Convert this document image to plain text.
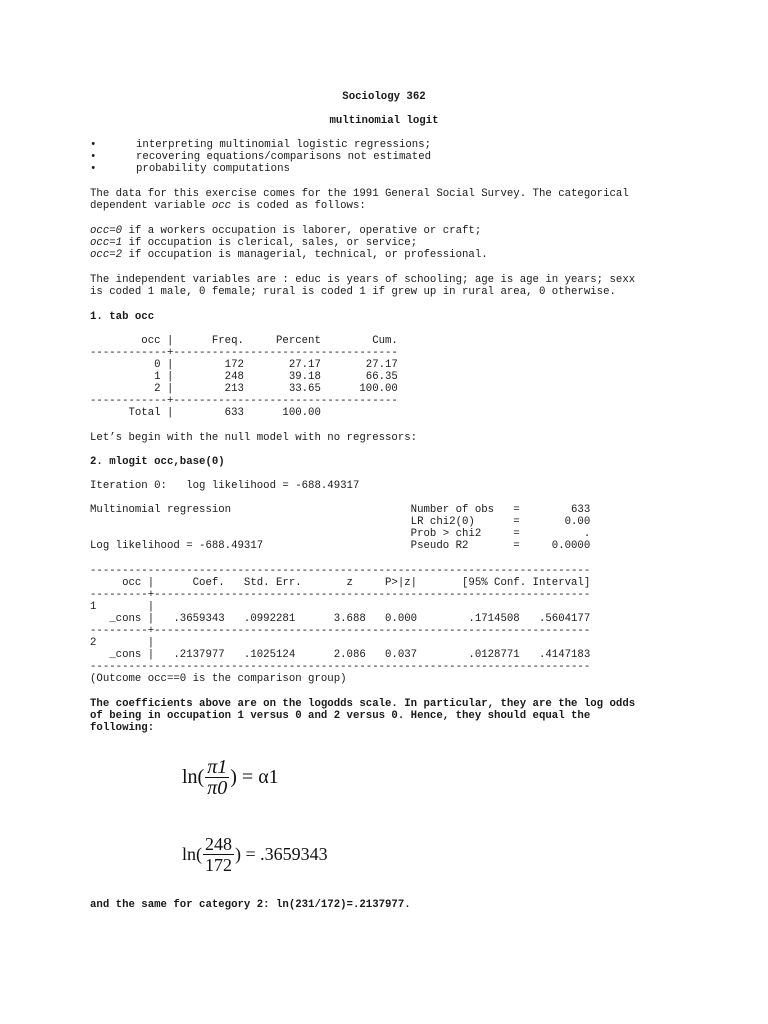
Sociology 362
multinomial logit
•	interpreting multinomial logistic regressions;
•	recovering equations/comparisons not estimated
•	probability computations
The data for this exercise comes for the 1991 General Social Survey. The categorical
dependent variable occ is coded as follows:
occ=0 if a workers occupation is laborer, operative or craft;
occ=1 if occupation is clerical, sales, or service;
occ=2 if occupation is managerial, technical, or professional.
The independent variables are : educ is years of schooling; age is age in years; sexx
is coded 1 male, 0 female; rural is coded 1 if grew up in rural area, 0 otherwise.
1. tab occ
occ |      Freq.     Percent        Cum.
------------+-----------------------------------
0 |        172       27.17       27.17
1 |        248       39.18       66.35
2 |        213       33.65      100.00
------------+-----------------------------------
Total |        633      100.00
Let’s begin with the null model with no regressors:
2. mlogit occ,base(0)
Iteration 0:   log likelihood = -688.49317
Multinomial regression                            Number of obs   =        633
LR chi2(0)      =       0.00
Prob > chi2     =          .
Log likelihood = -688.49317                       Pseudo R2       =     0.0000
------------------------------------------------------------------------------
occ |      Coef.   Std. Err.       z     P>|z|       [95% Conf. Interval]
---------+--------------------------------------------------------------------
1        |
_cons |   .3659343   .0992281      3.688   0.000        .1714508   .5604177
---------+--------------------------------------------------------------------
2        |
_cons |   .2137977   .1025124      2.086   0.037        .0128771   .4147183
------------------------------------------------------------------------------
(Outcome occ==0 is the comparison group)
The coefficients above are on the logodds scale. In particular, they are the log odds
of being in occupation 1 versus 0 and 2 versus 0. Hence, they should equal the
following:
$\ln( \frac{\pi 1}{\pi 0}$ ) = α1
$\ln( \frac{248}{172}$ ) = .3659343
and the same for category 2: ln(231/172)=.2137977.
